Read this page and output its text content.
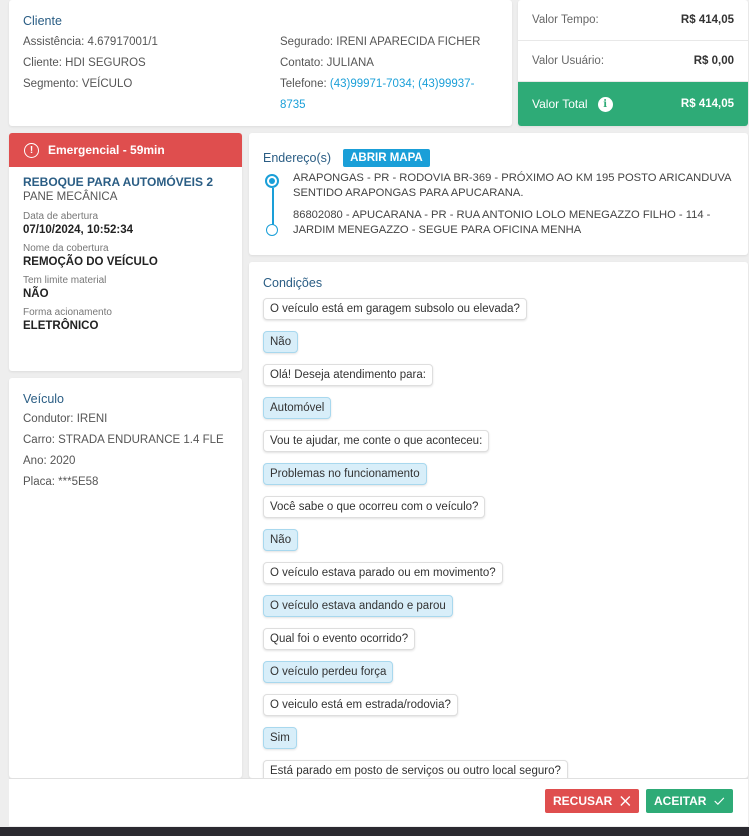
Cliente
Assistência: 4.67917001/1
Cliente: HDI SEGUROS
Segmento: VEÍCULO
Segurado: IRENI APARECIDA FICHER
Contato: JULIANA
Telefone: (43)99971-7034; (43)99937-8735
Valor Tempo:	R$ 414,05
Valor Usuário:	R$ 0,00
Valor Total	i	R$ 414,05
!	Emergencial - 59min
REBOQUE PARA AUTOMÓVEIS 2
PANE MECÂNICA
Data de abertura
07/10/2024, 10:52:34
Nome da cobertura
REMOÇÃO DO VEÍCULO
Tem limite material
NÃO
Forma acionamento
ELETRÔNICO
Veículo
Condutor: IRENI
Carro: STRADA ENDURANCE 1.4 FLE
Ano: 2020
Placa: ***5E58
Endereço(s)	ABRIR MAPA
ARAPONGAS - PR - RODOVIA BR-369 - PRÓXIMO AO KM 195 POSTO ARICANDUVA SENTIDO ARAPONGAS PARA APUCARANA.
86802080 - APUCARANA - PR - RUA ANTONIO LOLO MENEGAZZO FILHO - 114 - JARDIM MENEGAZZO - SEGUE PARA OFICINA MENHA
Condições
O veículo está em garagem subsolo ou elevada?
Não
Olá! Deseja atendimento para:
Automóvel
Vou te ajudar, me conte o que aconteceu:
Problemas no funcionamento
Você sabe o que ocorreu com o veículo?
Não
O veículo estava parado ou em movimento?
O veículo estava andando e parou
Qual foi o evento ocorrido?
O veículo perdeu força
O veiculo está em estrada/rodovia?
Sim
Está parado em posto de serviços ou outro local seguro?
RECUSAR	ACEITAR
